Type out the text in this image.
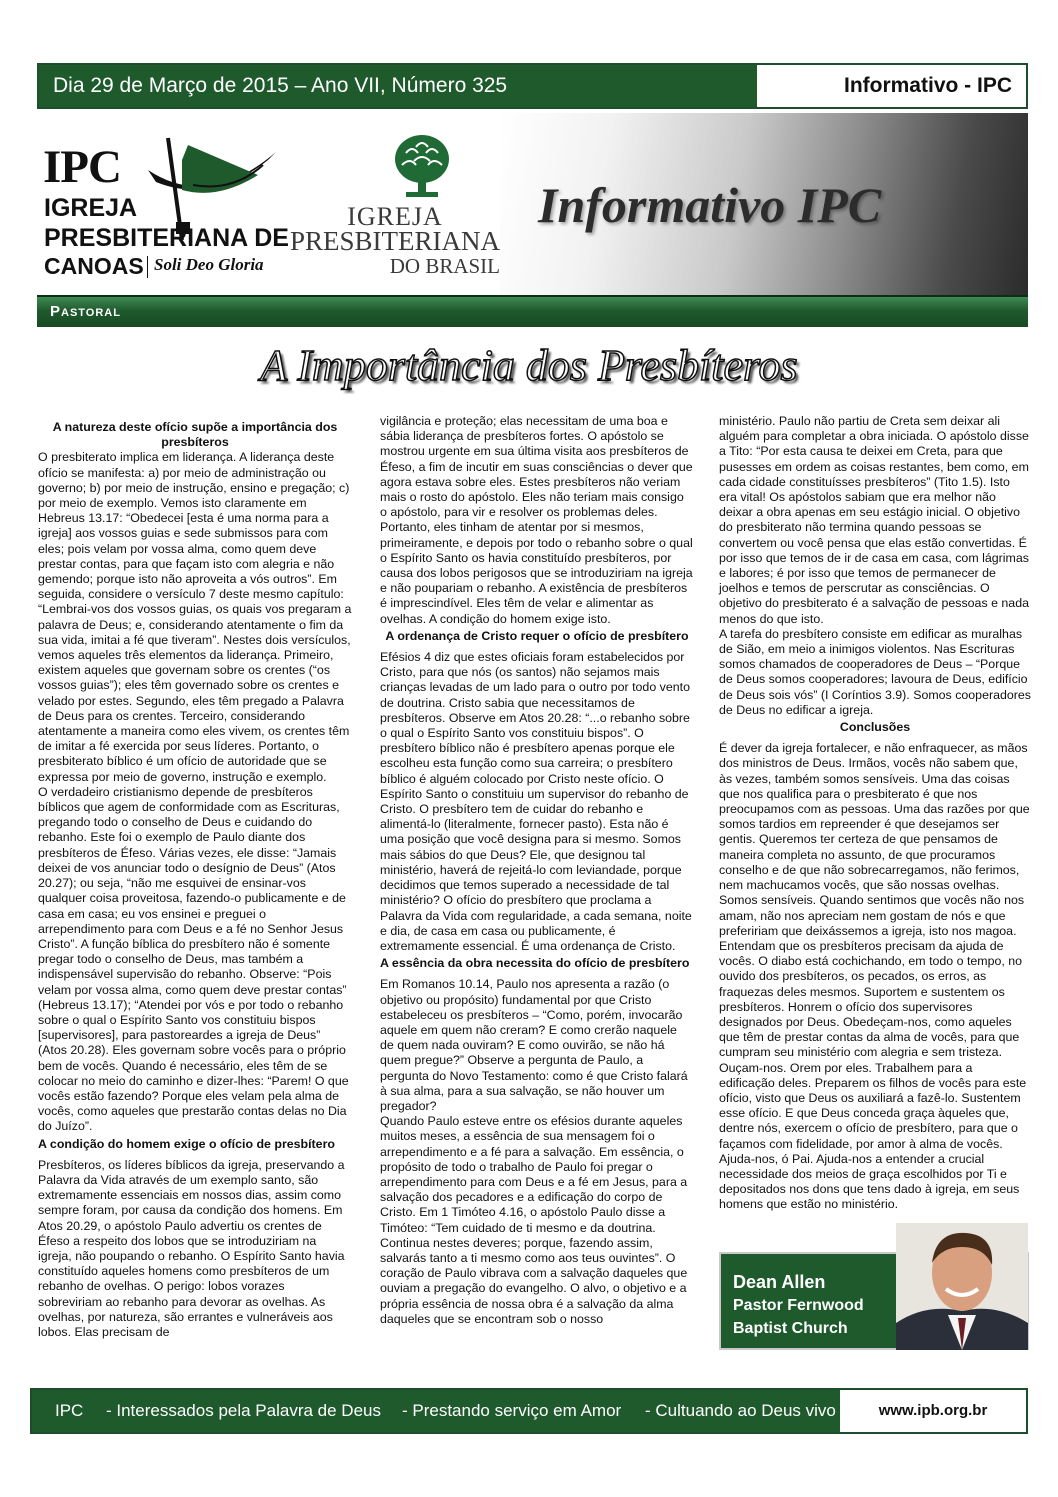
Dia 29 de Março de 2015 – Ano VII, Número 325	Informativo - IPC
IPC
IGREJA
PRESBITERIANA DE
CANOAS Soli Deo Gloria
IGREJA
PRESBITERIANA
DO BRASIL
Informativo IPC
Pastoral
A Importância dos Presbíteros
A natureza deste ofício supõe a importância dos presbíteros

O presbiterato implica em liderança. A liderança deste ofício se manifesta: a) por meio de administração ou governo; b) por meio de instrução, ensino e pregação; c) por meio de exemplo. Vemos isto claramente em Hebreus 13.17: “Obedecei [esta é uma norma para a igreja] aos vossos guias e sede submissos para com eles; pois velam por vossa alma, como quem deve prestar contas, para que façam isto com alegria e não gemendo; porque isto não aproveita a vós outros”. Em seguida, considere o versículo 7 deste mesmo capítulo: “Lembrai-vos dos vossos guias, os quais vos pregaram a palavra de Deus; e, considerando atentamente o fim da sua vida, imitai a fé que tiveram”. Nestes dois versículos, vemos aqueles três elementos da liderança. Primeiro, existem aqueles que governam sobre os crentes (“os vossos guias”); eles têm governado sobre os crentes e velado por estes. Segundo, eles têm pregado a Palavra de Deus para os crentes. Terceiro, considerando atentamente a maneira como eles vivem, os crentes têm de imitar a fé exercida por seus líderes. Portanto, o presbiterato bíblico é um ofício de autoridade que se expressa por meio de governo, instrução e exemplo.

O verdadeiro cristianismo depende de presbíteros bíblicos que agem de conformidade com as Escrituras, pregando todo o conselho de Deus e cuidando do rebanho. Este foi o exemplo de Paulo diante dos presbíteros de Éfeso. Várias vezes, ele disse: “Jamais deixei de vos anunciar todo o desígnio de Deus” (Atos 20.27); ou seja, “não me esquivei de ensinar-vos qualquer coisa proveitosa, fazendo-o publicamente e de casa em casa; eu vos ensinei e preguei o arrependimento para com Deus e a fé no Senhor Jesus Cristo”. A função bíblica do presbítero não é somente pregar todo o conselho de Deus, mas também a indispensável supervisão do rebanho. Observe: “Pois velam por vossa alma, como quem deve prestar contas” (Hebreus 13.17); “Atendei por vós e por todo o rebanho sobre o qual o Espírito Santo vos constituiu bispos [supervisores], para pastoreardes a igreja de Deus” (Atos 20.28). Eles governam sobre vocês para o próprio bem de vocês. Quando é necessário, eles têm de se colocar no meio do caminho e dizer-lhes: “Parem! O que vocês estão fazendo? Porque eles velam pela alma de vocês, como aqueles que prestarão contas delas no Dia do Juízo”.

A condição do homem exige o ofício de presbítero

Presbíteros, os líderes bíblicos da igreja, preservando a Palavra da Vida através de um exemplo santo, são extremamente essenciais em nossos dias, assim como sempre foram, por causa da condição dos homens. Em Atos 20.29, o apóstolo Paulo advertiu os crentes de Éfeso a respeito dos lobos que se introduziriam na igreja, não poupando o rebanho. O Espírito Santo havia constituído aqueles homens como presbíteros de um rebanho de ovelhas. O perigo: lobos vorazes sobreviriam ao rebanho para devorar as ovelhas. As ovelhas, por natureza, são errantes e vulneráveis aos lobos. Elas precisam de

vigilância e proteção; elas necessitam de uma boa e sábia liderança de presbíteros fortes. O apóstolo se mostrou urgente em sua última visita aos presbíteros de Éfeso, a fim de incutir em suas consciências o dever que agora estava sobre eles. Estes presbíteros não veriam mais o rosto do apóstolo. Eles não teriam mais consigo o apóstolo, para vir e resolver os problemas deles. Portanto, eles tinham de atentar por si mesmos, primeiramente, e depois por todo o rebanho sobre o qual o Espírito Santo os havia constituído presbíteros, por causa dos lobos perigosos que se introduziriam na igreja e não poupariam o rebanho. A existência de presbíteros é imprescindível. Eles têm de velar e alimentar as ovelhas. A condição do homem exige isto.

A ordenança de Cristo requer o ofício de presbítero

Efésios 4 diz que estes oficiais foram estabelecidos por Cristo, para que nós (os santos) não sejamos mais crianças levadas de um lado para o outro por todo vento de doutrina. Cristo sabia que necessitamos de presbíteros. Observe em Atos 20.28: “...o rebanho sobre o qual o Espírito Santo vos constituiu bispos”. O presbítero bíblico não é presbítero apenas porque ele escolheu esta função como sua carreira; o presbítero bíblico é alguém colocado por Cristo neste ofício. O Espírito Santo o constituiu um supervisor do rebanho de Cristo. O presbítero tem de cuidar do rebanho e alimentá-lo (literalmente, fornecer pasto). Esta não é uma posição que você designa para si mesmo. Somos mais sábios do que Deus? Ele, que designou tal ministério, haverá de rejeitá-lo com leviandade, porque decidimos que temos superado a necessidade de tal ministério? O ofício do presbítero que proclama a Palavra da Vida com regularidade, a cada semana, noite e dia, de casa em casa ou publicamente, é extremamente essencial. É uma ordenança de Cristo.

A essência da obra necessita do ofício de presbítero

Em Romanos 10.14, Paulo nos apresenta a razão (o objetivo ou propósito) fundamental por que Cristo estabeleceu os presbíteros – “Como, porém, invocarão aquele em quem não creram? E como crerão naquele de quem nada ouviram? E como ouvirão, se não há quem pregue?” Observe a pergunta de Paulo, a pergunta do Novo Testamento: como é que Cristo falará à sua alma, para a sua salvação, se não houver um pregador?

Quando Paulo esteve entre os efésios durante aqueles muitos meses, a essência de sua mensagem foi o arrependimento e a fé para a salvação. Em essência, o propósito de todo o trabalho de Paulo foi pregar o arrependimento para com Deus e a fé em Jesus, para a salvação dos pecadores e a edificação do corpo de Cristo. Em 1 Timóteo 4.16, o apóstolo Paulo disse a Timóteo: “Tem cuidado de ti mesmo e da doutrina. Continua nestes deveres; porque, fazendo assim, salvarás tanto a ti mesmo como aos teus ouvintes”. O coração de Paulo vibrava com a salvação daqueles que ouviam a pregação do evangelho. O alvo, o objetivo e a própria essência de nossa obra é a salvação da alma daqueles que se encontram sob o nosso

ministério. Paulo não partiu de Creta sem deixar ali alguém para completar a obra iniciada. O apóstolo disse a Tito: “Por esta causa te deixei em Creta, para que pusesses em ordem as coisas restantes, bem como, em cada cidade constituísses presbíteros” (Tito 1.5). Isto era vital! Os apóstolos sabiam que era melhor não deixar a obra apenas em seu estágio inicial. O objetivo do presbiterato não termina quando pessoas se convertem ou você pensa que elas estão convertidas. É por isso que temos de ir de casa em casa, com lágrimas e labores; é por isso que temos de permanecer de joelhos e temos de perscrutar as consciências. O objetivo do presbiterato é a salvação de pessoas e nada menos do que isto.

A tarefa do presbítero consiste em edificar as muralhas de Sião, em meio a inimigos violentos. Nas Escrituras somos chamados de cooperadores de Deus – “Porque de Deus somos cooperadores; lavoura de Deus, edifício de Deus sois vós” (I Coríntios 3.9). Somos cooperadores de Deus no edificar a igreja.

Conclusões

É dever da igreja fortalecer, e não enfraquecer, as mãos dos ministros de Deus. Irmãos, vocês não sabem que, às vezes, também somos sensíveis. Uma das coisas que nos qualifica para o presbiterato é que nos preocupamos com as pessoas. Uma das razões por que somos tardios em repreender é que desejamos ser gentis. Queremos ter certeza de que pensamos de maneira completa no assunto, de que procuramos conselho e de que não sobrecarregamos, não ferimos, nem machucamos vocês, que são nossas ovelhas. Somos sensíveis. Quando sentimos que vocês não nos amam, não nos apreciam nem gostam de nós e que prefeririam que deixássemos a igreja, isto nos magoa. Entendam que os presbíteros precisam da ajuda de vocês. O diabo está cochichando, em todo o tempo, no ouvido dos presbíteros, os pecados, os erros, as fraquezas deles mesmos. Suportem e sustentem os presbíteros. Honrem o ofício dos supervisores designados por Deus. Obedeçam-nos, como aqueles que têm de prestar contas da alma de vocês, para que cumpram seu ministério com alegria e sem tristeza. Ouçam-nos. Orem por eles. Trabalhem para a edificação deles. Preparem os filhos de vocês para este ofício, visto que Deus os auxiliará a fazê-lo. Sustentem esse ofício. E que Deus conceda graça àqueles que, dentre nós, exercem o ofício de presbítero, para que o façamos com fidelidade, por amor à alma de vocês. Ajuda-nos, ó Pai. Ajuda-nos a entender a crucial necessidade dos meios de graça escolhidos por Ti e depositados nos dons que tens dado à igreja, em seus homens que estão no ministério.

Dean Allen
Pastor Fernwood
Baptist Church
IPC - Interessados pela Palavra de Deus - Prestando serviço em Amor - Cultuando ao Deus vivo	www.ipb.org.br
